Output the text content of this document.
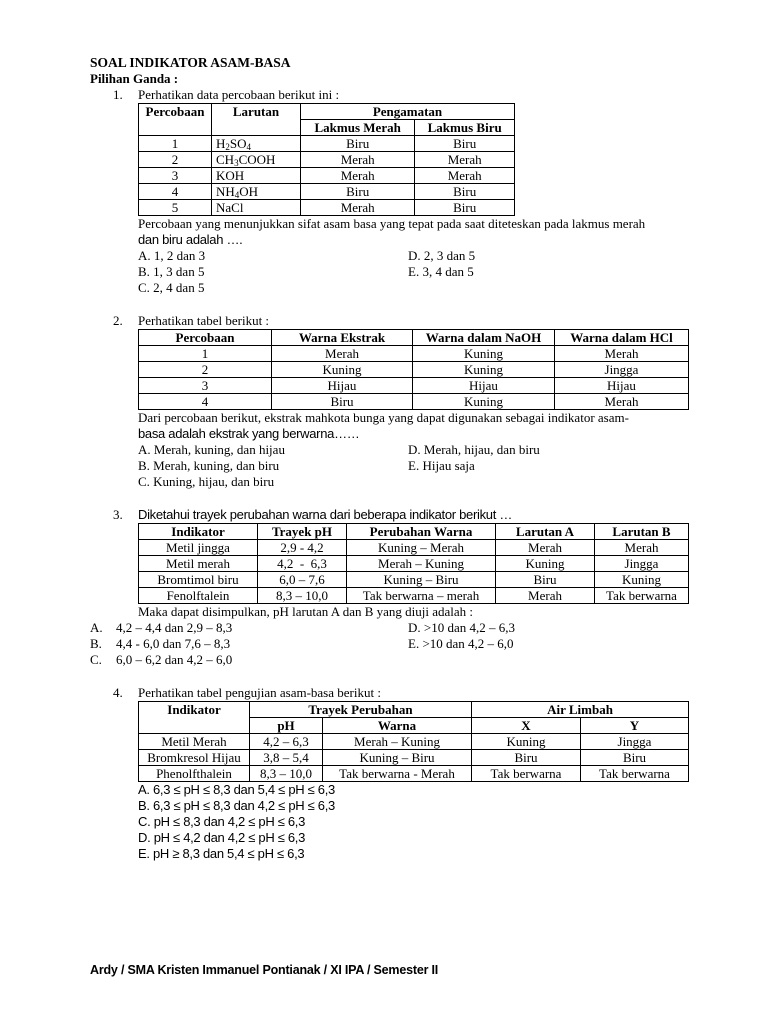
SOAL INDIKATOR ASAM-BASA
Pilihan Ganda :
1.	Perhatikan data percobaan berikut ini :
Percobaan	Larutan	Pengamatan	
		Lakmus Merah	Lakmus Biru
1	$H_2SO_4$	Biru	Biru
2	$CH_3COOH$	Merah	Merah
3	KOH	Merah	Merah
4	$NH_4OH$	Biru	Biru
5	NaCl	Merah	Biru
Percobaan yang menunjukkan sifat asam basa yang tepat pada saat diteteskan pada lakmus merah
dan biru adalah ….
A. 1, 2 dan 3	D. 2, 3 dan 5
B. 1, 3 dan 5	E. 3, 4 dan 5
C. 2, 4 dan 5
2.	Perhatikan tabel berikut :
Percobaan	Warna Ekstrak	Warna dalam NaOH	Warna dalam HCl
1	Merah	Kuning	Merah
2	Kuning	Kuning	Jingga
3	Hijau	Hijau	Hijau
4	Biru	Kuning	Merah
Dari percobaan berikut, ekstrak mahkota bunga yang dapat digunakan sebagai indikator asam-
basa adalah ekstrak yang berwarna……
A. Merah, kuning, dan hijau	D. Merah, hijau, dan biru
B. Merah, kuning, dan biru	E. Hijau saja
C. Kuning, hijau, dan biru
3.	Diketahui trayek perubahan warna dari beberapa indikator berikut …
Indikator	Trayek pH	Perubahan Warna	Larutan A	Larutan B
Metil jingga	2,9 - 4,2	Kuning – Merah	Merah	Merah
Metil merah	4,2  -  6,3	Merah – Kuning	Kuning	Jingga
Bromtimol biru	6,0 – 7,6	Kuning – Biru	Biru	Kuning
Fenolftalein	8,3 – 10,0	Tak berwarna – merah	Merah	Tak berwarna
Maka dapat disimpulkan, pH larutan A dan B yang diuji adalah :
A.	4,2 – 4,4 dan 2,9 – 8,3	D. >10 dan 4,2 – 6,3
B.	4,4 - 6,0 dan 7,6 – 8,3	E. >10 dan 4,2 – 6,0
C.	6,0 – 6,2 dan 4,2 – 6,0
4.	Perhatikan tabel pengujian asam-basa berikut :
Indikator	Trayek Perubahan		Air Limbah	
	pH	Warna	X	Y
Metil Merah	4,2 – 6,3	Merah – Kuning	Kuning	Jingga
Bromkresol Hijau	3,8 – 5,4	Kuning – Biru	Biru	Biru
Phenolfthalein	8,3 – 10,0	Tak berwarna - Merah	Tak berwarna	Tak berwarna
A. 6,3 ≤ pH ≤ 8,3 dan 5,4 ≤ pH ≤ 6,3
B. 6,3 ≤ pH ≤ 8,3 dan 4,2 ≤ pH ≤ 6,3
C. pH ≤ 8,3 dan 4,2 ≤ pH ≤ 6,3
D. pH ≤ 4,2 dan 4,2 ≤ pH ≤ 6,3
E. pH ≥ 8,3 dan 5,4 ≤ pH ≤ 6,3
Ardy / SMA Kristen Immanuel Pontianak / XI IPA / Semester II
